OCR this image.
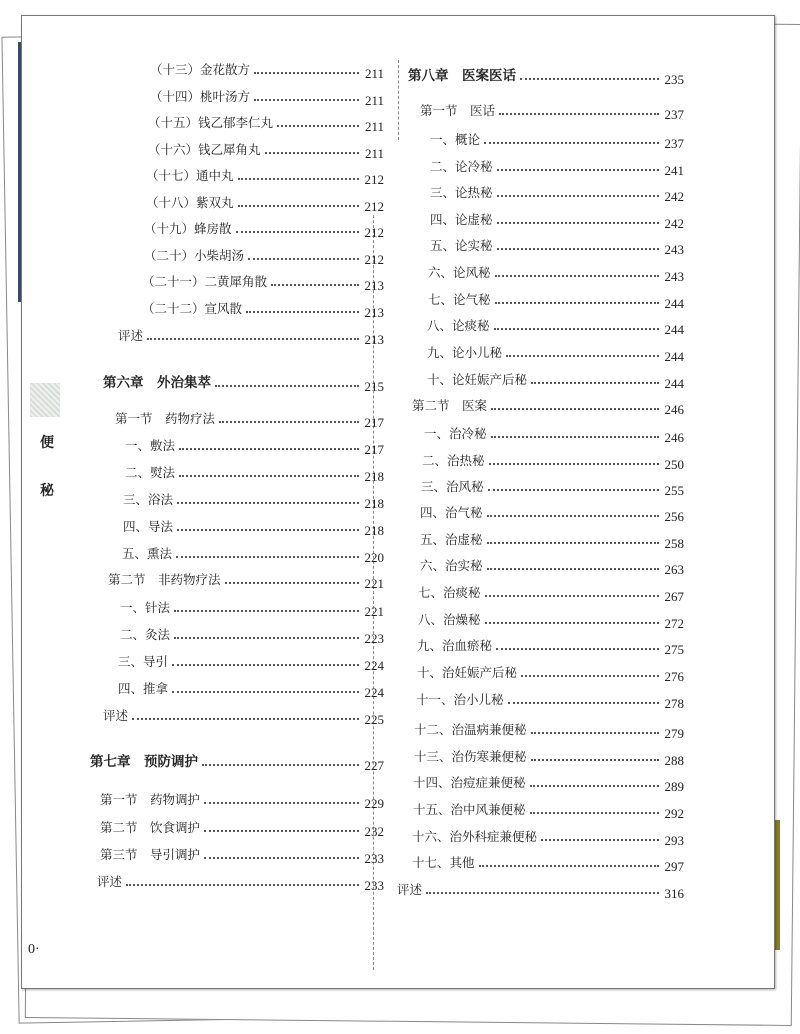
便
秘
0·
（十三）金花散方	211
（十四）桃叶汤方	211
（十五）钱乙郁李仁丸	211
（十六）钱乙犀角丸	211
（十七）通中丸	212
（十八）紫双丸	212
（十九）蜂房散	212
（二十）小柴胡汤	212
（二十一）二黄犀角散	213
（二十二）宣风散	213
评述	213
第六章　外治集萃	215
第一节　药物疗法	217
一、敷法	217
二、熨法	218
三、浴法	218
四、导法	218
五、熏法	220
第二节　非药物疗法	221
一、针法	221
二、灸法	223
三、导引	224
四、推拿	224
评述	225
第七章　预防调护	227
第一节　药物调护	229
第二节　饮食调护	232
第三节　导引调护	233
评述	233
第八章　医案医话	235
第一节　医话	237
一、概论	237
二、论冷秘	241
三、论热秘	242
四、论虚秘	242
五、论实秘	243
六、论风秘	243
七、论气秘	244
八、论痰秘	244
九、论小儿秘	244
十、论妊娠产后秘	244
第二节　医案	246
一、治冷秘	246
二、治热秘	250
三、治风秘	255
四、治气秘	256
五、治虚秘	258
六、治实秘	263
七、治痰秘	267
八、治燥秘	272
九、治血瘀秘	275
十、治妊娠产后秘	276
十一、治小儿秘	278
十二、治温病兼便秘	279
十三、治伤寒兼便秘	288
十四、治痘症兼便秘	289
十五、治中风兼便秘	292
十六、治外科症兼便秘	293
十七、其他	297
评述	316
